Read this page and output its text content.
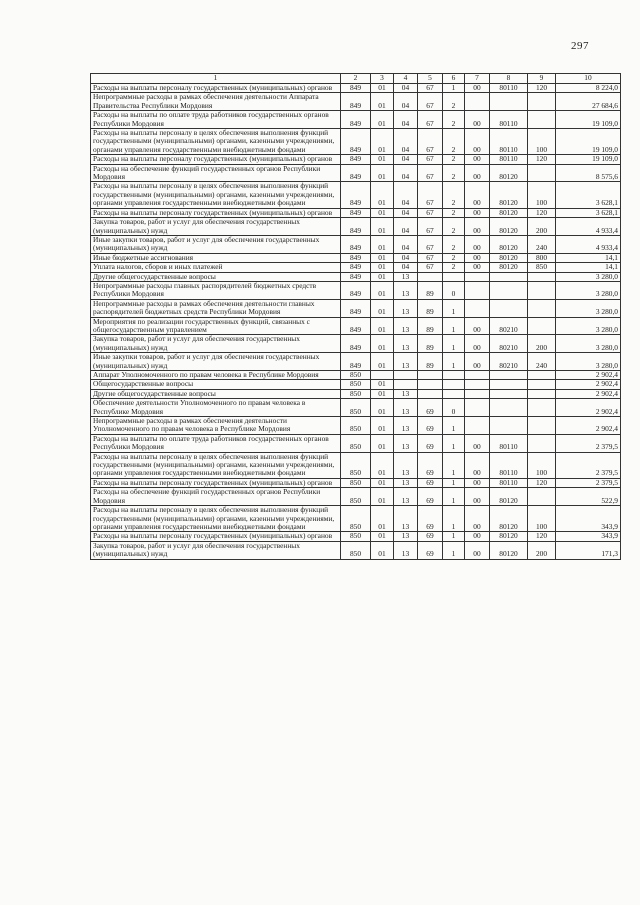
297
1	2	3	4	5	6	7	8	9	10
Расходы на выплаты персоналу государственных (муниципальных) органов	849	01	04	67	1	00	80110	120	8 224,0
Непрограммные расходы в рамках обеспечения деятельности Аппарата Правительства Республики Мордовия	849	01	04	67	2				27 684,6
Расходы на выплаты по оплате труда работников государственных органов Республики Мордовия	849	01	04	67	2	00	80110		19 109,0
Расходы на выплаты персоналу в целях обеспечения выполнения функций государственными (муниципальными) органами, казенными учреждениями, органами управления государственными внебюджетными фондами	849	01	04	67	2	00	80110	100	19 109,0
Расходы на выплаты персоналу государственных (муниципальных) органов	849	01	04	67	2	00	80110	120	19 109,0
Расходы на обеспечение функций государственных органов Республики Мордовия	849	01	04	67	2	00	80120		8 575,6
Расходы на выплаты персоналу в целях обеспечения выполнения функций государственными (муниципальными) органами, казенными учреждениями, органами управления государственными внебюджетными фондами	849	01	04	67	2	00	80120	100	3 628,1
Расходы на выплаты персоналу государственных (муниципальных) органов	849	01	04	67	2	00	80120	120	3 628,1
Закупка товаров, работ и услуг для обеспечения государственных (муниципальных) нужд	849	01	04	67	2	00	80120	200	4 933,4
Иные закупки товаров, работ и услуг для обеспечения государственных (муниципальных) нужд	849	01	04	67	2	00	80120	240	4 933,4
Иные бюджетные ассигнования	849	01	04	67	2	00	80120	800	14,1
Уплата налогов, сборов и иных платежей	849	01	04	67	2	00	80120	850	14,1
Другие общегосударственные вопросы	849	01	13						3 280,0
Непрограммные расходы главных распорядителей бюджетных средств Республики Мордовия	849	01	13	89	0				3 280,0
Непрограммные расходы в рамках обеспечения деятельности главных распорядителей бюджетных средств Республики Мордовия	849	01	13	89	1				3 280,0
Мероприятия по реализации государственных функций, связанных с общегосударственным управлением	849	01	13	89	1	00	80210		3 280,0
Закупка товаров, работ и услуг для обеспечения государственных (муниципальных) нужд	849	01	13	89	1	00	80210	200	3 280,0
Иные закупки товаров, работ и услуг для обеспечения государственных (муниципальных) нужд	849	01	13	89	1	00	80210	240	3 280,0
Аппарат Уполномоченного по правам человека в Республике Мордовия	850								2 902,4
Общегосударственные вопросы	850	01							2 902,4
Другие общегосударственные вопросы	850	01	13						2 902,4
Обеспечение деятельности Уполномоченного по правам человека в Республике Мордовия	850	01	13	69	0				2 902,4
Непрограммные расходы в рамках обеспечения деятельности Уполномоченного по правам человека в Республике Мордовия	850	01	13	69	1				2 902,4
Расходы на выплаты по оплате труда работников государственных органов Республики Мордовия	850	01	13	69	1	00	80110		2 379,5
Расходы на выплаты персоналу в целях обеспечения выполнения функций государственными (муниципальными) органами, казенными учреждениями, органами управления государственными внебюджетными фондами	850	01	13	69	1	00	80110	100	2 379,5
Расходы на выплаты персоналу государственных (муниципальных) органов	850	01	13	69	1	00	80110	120	2 379,5
Расходы на обеспечение функций государственных органов Республики Мордовия	850	01	13	69	1	00	80120		522,9
Расходы на выплаты персоналу в целях обеспечения выполнения функций государственными (муниципальными) органами, казенными учреждениями, органами управления государственными внебюджетными фондами	850	01	13	69	1	00	80120	100	343,9
Расходы на выплаты персоналу государственных (муниципальных) органов	850	01	13	69	1	00	80120	120	343,9
Закупка товаров, работ и услуг для обеспечения государственных (муниципальных) нужд	850	01	13	69	1	00	80120	200	171,3
